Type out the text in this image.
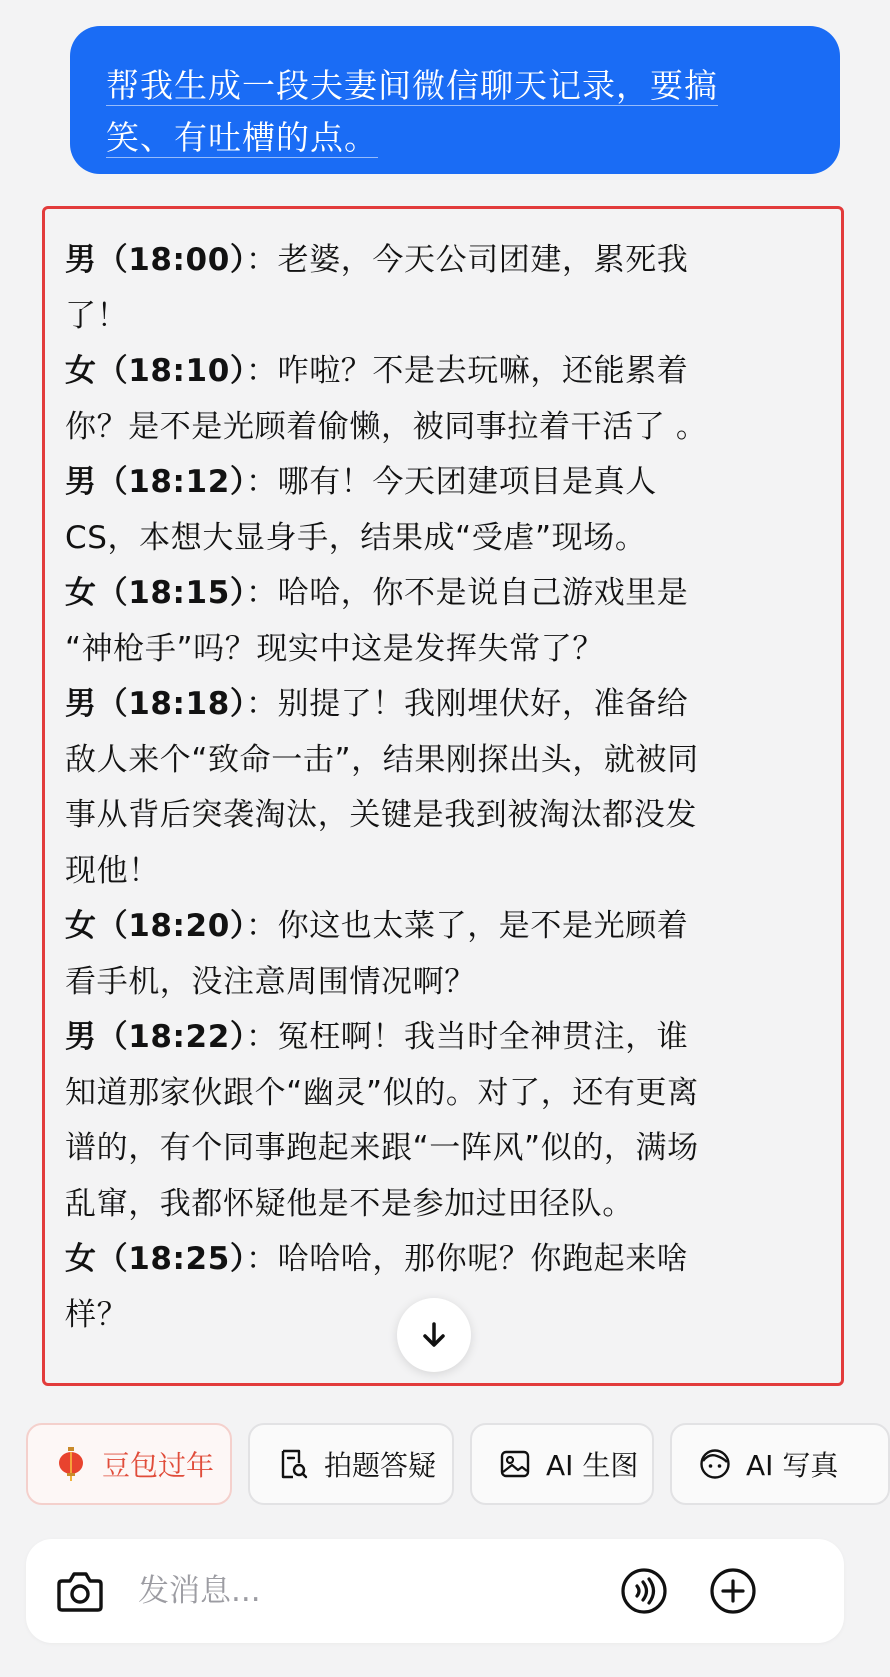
帮我生成一段夫妻间微信聊天记录，要搞
笑、有吐槽的点。
男（18:00）：老婆，今天公司团建，累死我
了！
女（18:10）：咋啦？不是去玩嘛，还能累着
你？是不是光顾着偷懒，被同事拉着干活了 。
男（18:12）：哪有！今天团建项目是真人
CS，本想大显身手，结果成“受虐”现场。
女（18:15）：哈哈，你不是说自己游戏里是
“神枪手”吗？现实中这是发挥失常了？
男（18:18）：别提了！我刚埋伏好，准备给
敌人来个“致命一击”，结果刚探出头，就被同
事从背后突袭淘汰，关键是我到被淘汰都没发
现他！
女（18:20）：你这也太菜了，是不是光顾着
看手机，没注意周围情况啊？
男（18:22）：冤枉啊！我当时全神贯注，谁
知道那家伙跟个“幽灵”似的。对了，还有更离
谱的，有个同事跑起来跟“一阵风”似的，满场
乱窜，我都怀疑他是不是参加过田径队。
女（18:25）：哈哈哈，那你呢？你跑起来啥
样？
豆包过年	拍题答疑	AI 生图	AI 写真
发消息...
